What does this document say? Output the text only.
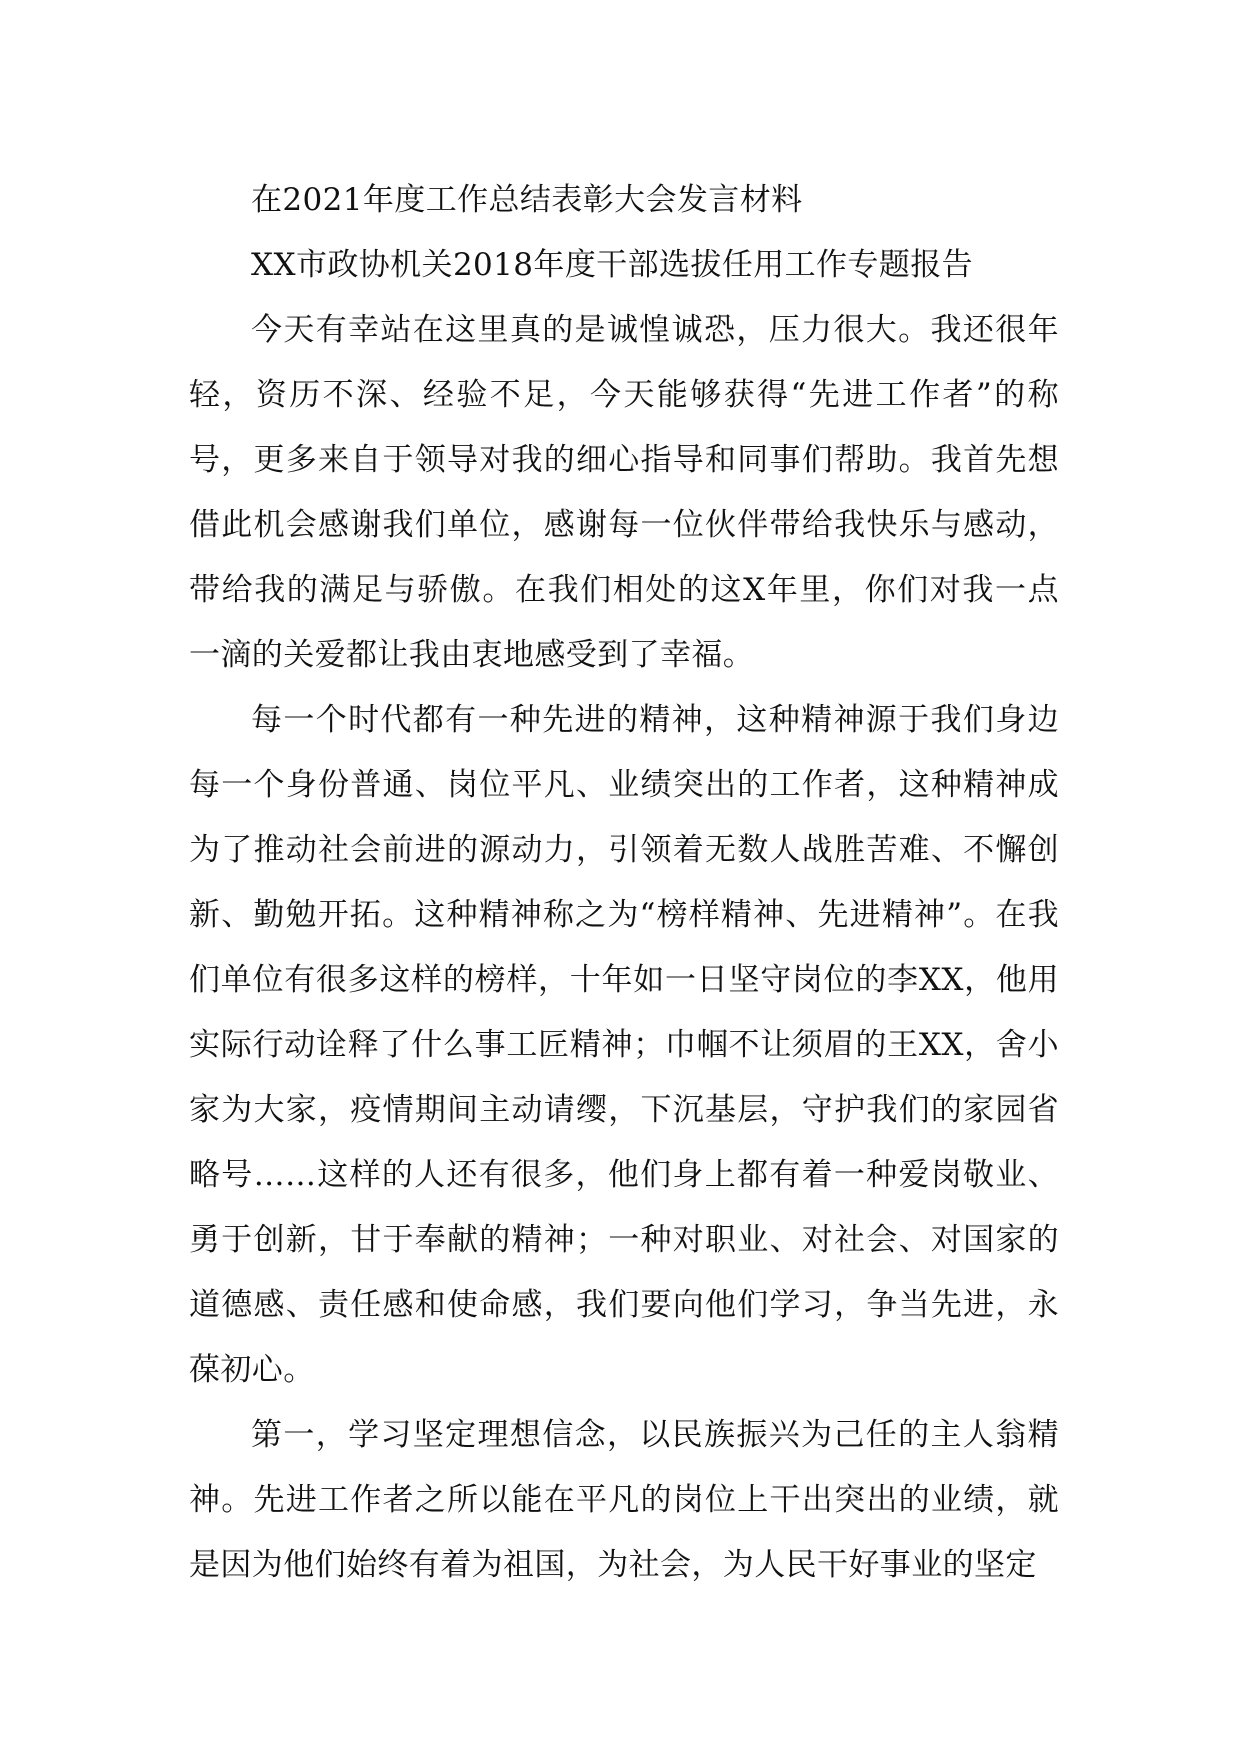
在2021年度工作总结表彰大会发言材料

XX市政协机关2018年度干部选拔任用工作专题报告

今天有幸站在这里真的是诚惶诚恐，压力很大。我还很年轻，资历不深、经验不足，今天能够获得“先进工作者”的称号，更多来自于领导对我的细心指导和同事们帮助。我首先想借此机会感谢我们单位，感谢每一位伙伴带给我快乐与感动，带给我的满足与骄傲。在我们相处的这X年里，你们对我一点一滴的关爱都让我由衷地感受到了幸福。

每一个时代都有一种先进的精神，这种精神源于我们身边每一个身份普通、岗位平凡、业绩突出的工作者，这种精神成为了推动社会前进的源动力，引领着无数人战胜苦难、不懈创新、勤勉开拓。这种精神称之为“榜样精神、先进精神”。在我们单位有很多这样的榜样，十年如一日坚守岗位的李XX，他用实际行动诠释了什么事工匠精神；巾帼不让须眉的王XX，舍小家为大家，疫情期间主动请缨，下沉基层，守护我们的家园省略号……这样的人还有很多，他们身上都有着一种爱岗敬业、勇于创新，甘于奉献的精神；一种对职业、对社会、对国家的道德感、责任感和使命感，我们要向他们学习，争当先进，永葆初心。

第一，学习坚定理想信念，以民族振兴为己任的主人翁精神。先进工作者之所以能在平凡的岗位上干出突出的业绩，就是因为他们始终有着为祖国，为社会，为人民干好事业的坚定
